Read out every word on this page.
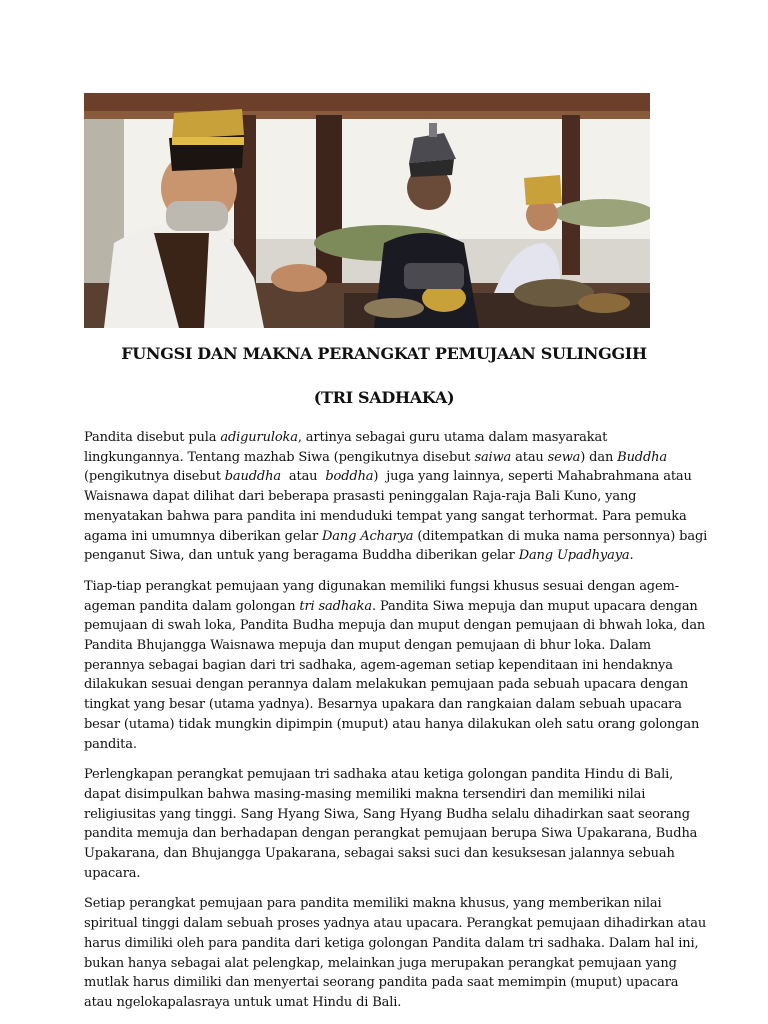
FUNGSI DAN MAKNA PERANGKAT PEMUJAAN SULINGGIH
(TRI SADHAKA)

Pandita disebut pula adiguruloka, artinya sebagai guru utama dalam masyarakat lingkungannya. Tentang mazhab Siwa (pengikutnya disebut saiwa atau sewa) dan Buddha (pengikutnya disebut bauddha  atau  boddha)  juga yang lainnya, seperti Mahabrahmana atau Waisnawa dapat dilihat dari beberapa prasasti peninggalan Raja-raja Bali Kuno, yang menyatakan bahwa para pandita ini menduduki tempat yang sangat terhormat. Para pemuka agama ini umumnya diberikan gelar Dang Acharya (ditempatkan di muka nama personnya) bagi penganut Siwa, dan untuk yang beragama Buddha diberikan gelar Dang Upadhyaya.

Tiap-tiap perangkat pemujaan yang digunakan memiliki fungsi khusus sesuai dengan agem-ageman pandita dalam golongan tri sadhaka. Pandita Siwa mepuja dan muput upacara dengan pemujaan di swah loka, Pandita Budha mepuja dan muput dengan pemujaan di bhwah loka, dan Pandita Bhujangga Waisnawa mepuja dan muput dengan pemujaan di bhur loka. Dalam perannya sebagai bagian dari tri sadhaka, agem-ageman setiap kependitaan ini hendaknya dilakukan sesuai dengan perannya dalam melakukan pemujaan pada sebuah upacara dengan tingkat yang besar (utama yadnya). Besarnya upakara dan rangkaian dalam sebuah upacara besar (utama) tidak mungkin dipimpin (muput) atau hanya dilakukan oleh satu orang golongan pandita.

Perlengkapan perangkat pemujaan tri sadhaka atau ketiga golongan pandita Hindu di Bali, dapat disimpulkan bahwa masing-masing memiliki makna tersendiri dan memiliki nilai religiusitas yang tinggi. Sang Hyang Siwa, Sang Hyang Budha selalu dihadirkan saat seorang pandita memuja dan berhadapan dengan perangkat pemujaan berupa Siwa Upakarana, Budha Upakarana, dan Bhujangga Upakarana, sebagai saksi suci dan kesuksesan jalannya sebuah upacara.

Setiap perangkat pemujaan para pandita memiliki makna khusus, yang memberikan nilai spiritual tinggi dalam sebuah proses yadnya atau upacara. Perangkat pemujaan dihadirkan atau harus dimiliki oleh para pandita dari ketiga golongan Pandita dalam tri sadhaka. Dalam hal ini, bukan hanya sebagai alat pelengkap, melainkan juga merupakan perangkat pemujaan yang mutlak harus dimiliki dan menyertai seorang pandita pada saat memimpin (muput) upacara atau ngelokapalasraya untuk umat Hindu di Bali.
